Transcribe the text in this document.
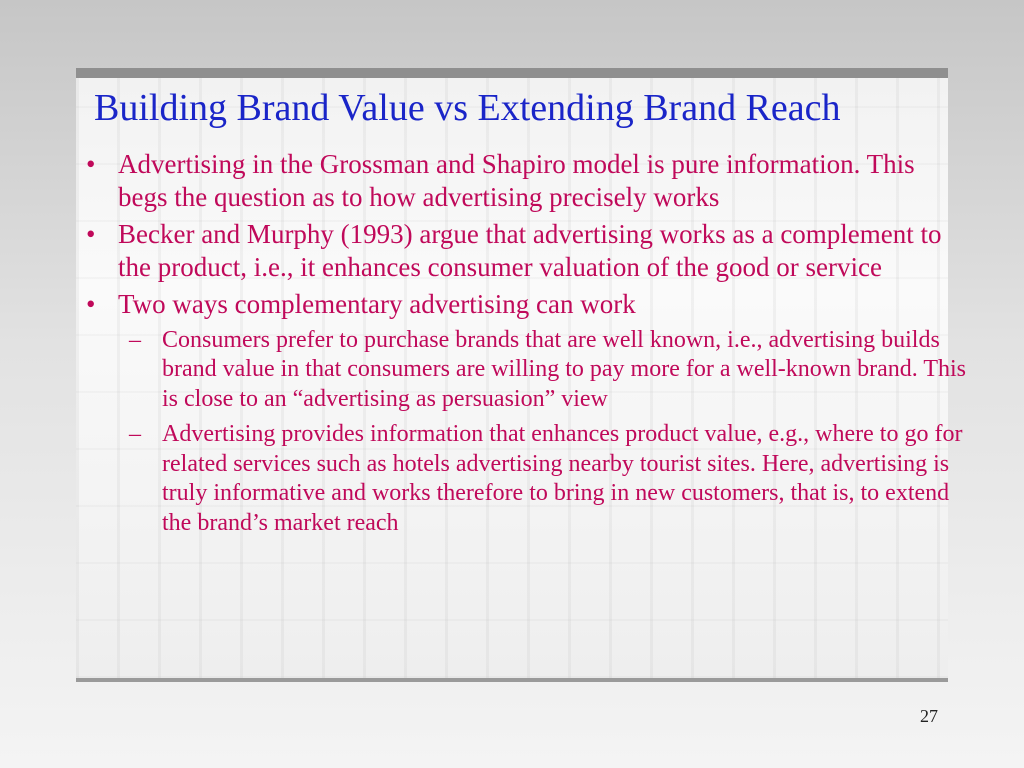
Building Brand Value vs Extending Brand Reach
• Advertising in the Grossman and Shapiro model is pure information. This begs the question as to how advertising precisely works
• Becker and Murphy (1993) argue that advertising works as a complement to the product, i.e., it enhances consumer valuation of the good or service
• Two ways complementary advertising can work
– Consumers prefer to purchase brands that are well known, i.e., advertising builds brand value in that consumers are willing to pay more for a well-known brand. This is close to an “advertising as persuasion” view
– Advertising provides information that enhances product value, e.g., where to go for related services such as hotels advertising nearby tourist sites. Here, advertising is truly informative and works therefore to bring in new customers, that is, to extend the brand’s market reach
27
